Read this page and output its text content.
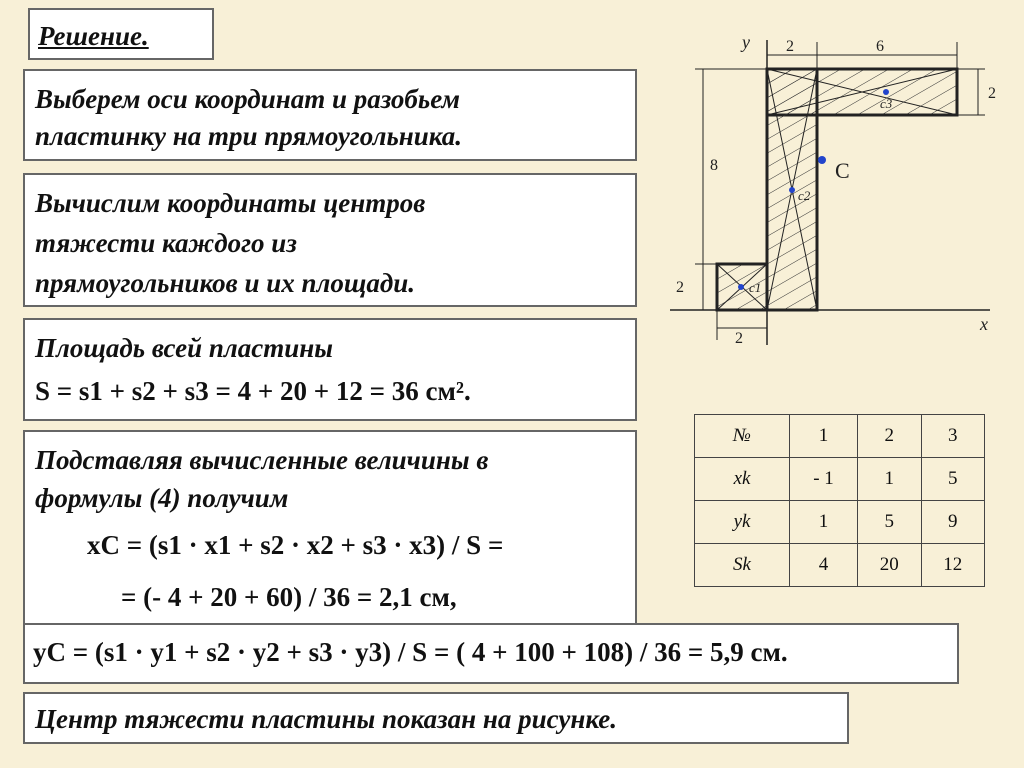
Решение.
Выберем оси координат и разобьем
пластинку на три прямоугольника.
Вычислим координаты центров
тяжести каждого из
прямоугольников и их площади.
Площадь всей пластины
S = s1 + s2 + s3 = 4 + 20 + 12 = 36 см².
Подставляя вычисленные величины в
формулы (4) получим
xC = (s1 · x1 + s2 · x2 + s3 · x3) / S =
= (- 4 + 20 + 60) / 36 = 2,1 см,
yC = (s1 · y1 + s2 · y2 + s3 · y3) / S = ( 4 + 100 + 108) / 36 = 5,9 см.
Центр тяжести пластины показан на рисунке.
y
x
2	6
2
8
2
2
C
c1
c2
c3
№	1	2	3
xk	- 1	1	5
yk	1	5	9
Sk	4	20	12
